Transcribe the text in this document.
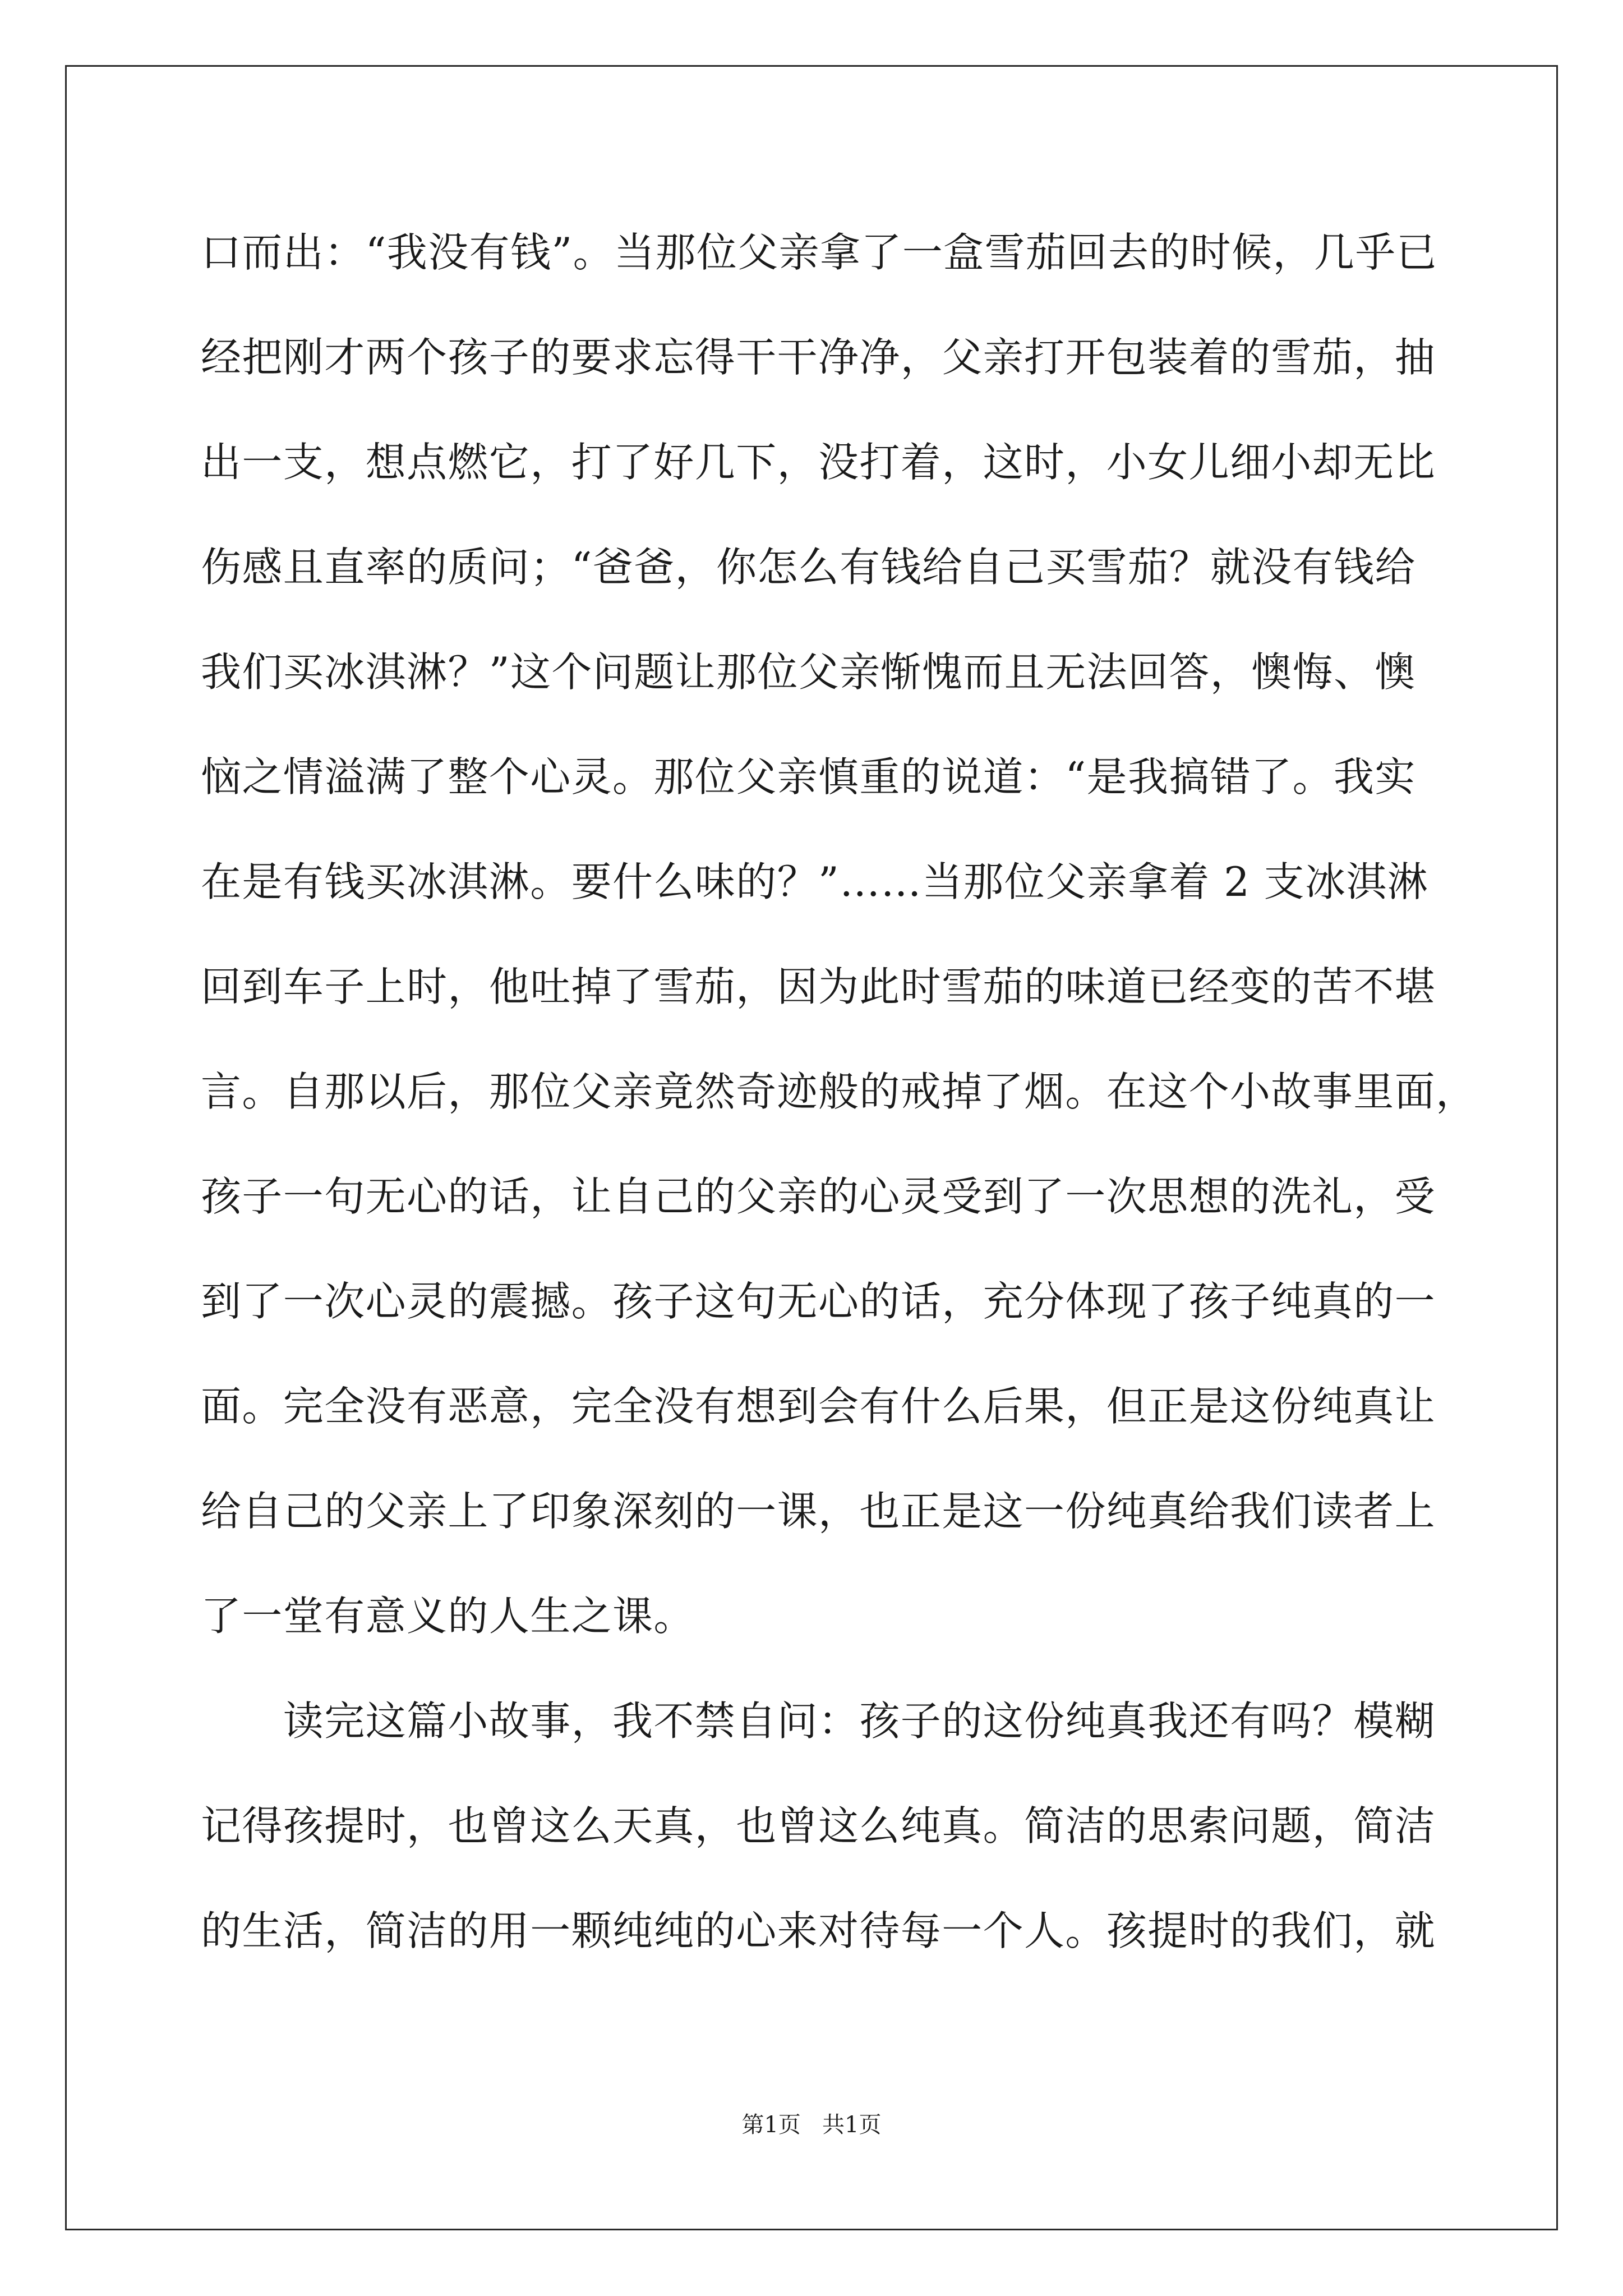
口而出：“我没有钱”。当那位父亲拿了一盒雪茄回去的时候，几乎已

经把刚才两个孩子的要求忘得干干净净，父亲打开包装着的雪茄，抽

出一支，想点燃它，打了好几下，没打着，这时，小女儿细小却无比

伤感且直率的质问；“爸爸，你怎么有钱给自己买雪茄？就没有钱给

我们买冰淇淋？”这个问题让那位父亲惭愧而且无法回答，懊悔、懊

恼之情溢满了整个心灵。那位父亲慎重的说道：“是我搞错了。我实

在是有钱买冰淇淋。要什么味的？”……当那位父亲拿着 2 支冰淇淋

回到车子上时，他吐掉了雪茄，因为此时雪茄的味道已经变的苦不堪

言。自那以后，那位父亲竟然奇迹般的戒掉了烟。在这个小故事里面，

孩子一句无心的话，让自己的父亲的心灵受到了一次思想的洗礼，受

到了一次心灵的震撼。孩子这句无心的话，充分体现了孩子纯真的一

面。完全没有恶意，完全没有想到会有什么后果，但正是这份纯真让

给自己的父亲上了印象深刻的一课，也正是这一份纯真给我们读者上

了一堂有意义的人生之课。

　　读完这篇小故事，我不禁自问：孩子的这份纯真我还有吗？模糊

记得孩提时，也曾这么天真，也曾这么纯真。简洁的思索问题，简洁

的生活，简洁的用一颗纯纯的心来对待每一个人。孩提时的我们，就

第1页   共1页
